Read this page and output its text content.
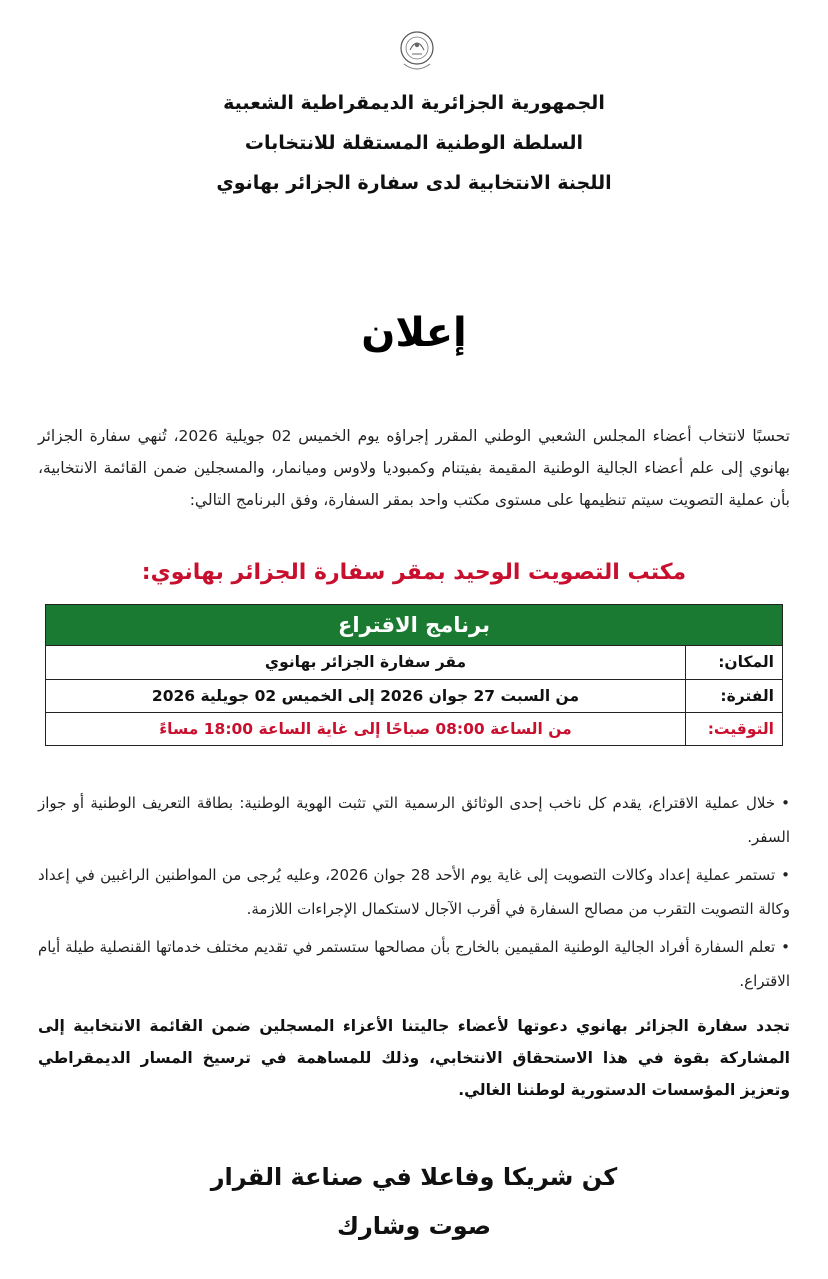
الجمهورية الجزائرية الديمقراطية الشعبية
السلطة الوطنية المستقلة للانتخابات
اللجنة الانتخابية لدى سفارة الجزائر بهانوي
إعلان
تحسبًا لانتخاب أعضاء المجلس الشعبي الوطني المقرر إجراؤه يوم الخميس 02 جويلية 2026، تُنهي سفارة الجزائر بهانوي إلى علم أعضاء الجالية الوطنية المقيمة بفيتنام وكمبوديا ولاوس وميانمار، والمسجلين ضمن القائمة الانتخابية، بأن عملية التصويت سيتم تنظيمها على مستوى مكتب واحد بمقر السفارة، وفق البرنامج التالي:
مكتب التصويت الوحيد بمقر سفارة الجزائر بهانوي:
برنامج الاقتراع	
المكان:	مقر سفارة الجزائر بهانوي
الفترة:	من السبت 27 جوان 2026 إلى الخميس 02 جويلية 2026
التوقيت:	من الساعة 08:00 صباحًا إلى غاية الساعة 18:00 مساءً
•خلال عملية الاقتراع، يقدم كل ناخب إحدى الوثائق الرسمية التي تثبت الهوية الوطنية: بطاقة التعريف الوطنية أو جواز السفر.
•تستمر عملية إعداد وكالات التصويت إلى غاية يوم الأحد 28 جوان 2026، وعليه يُرجى من المواطنين الراغبين في إعداد وكالة التصويت التقرب من مصالح السفارة في أقرب الآجال لاستكمال الإجراءات اللازمة.
•تعلم السفارة أفراد الجالية الوطنية المقيمين بالخارج بأن مصالحها ستستمر في تقديم مختلف خدماتها القنصلية طيلة أيام الاقتراع.
تجدد سفارة الجزائر بهانوي دعوتها لأعضاء جاليتنا الأعزاء المسجلين ضمن القائمة الانتخابية إلى المشاركة بقوة في هذا الاستحقاق الانتخابي، وذلك للمساهمة في ترسيخ المسار الديمقراطي وتعزيز المؤسسات الدستورية لوطننا الغالي.
كن شريكا وفاعلا في صناعة القرار
صوت وشارك
